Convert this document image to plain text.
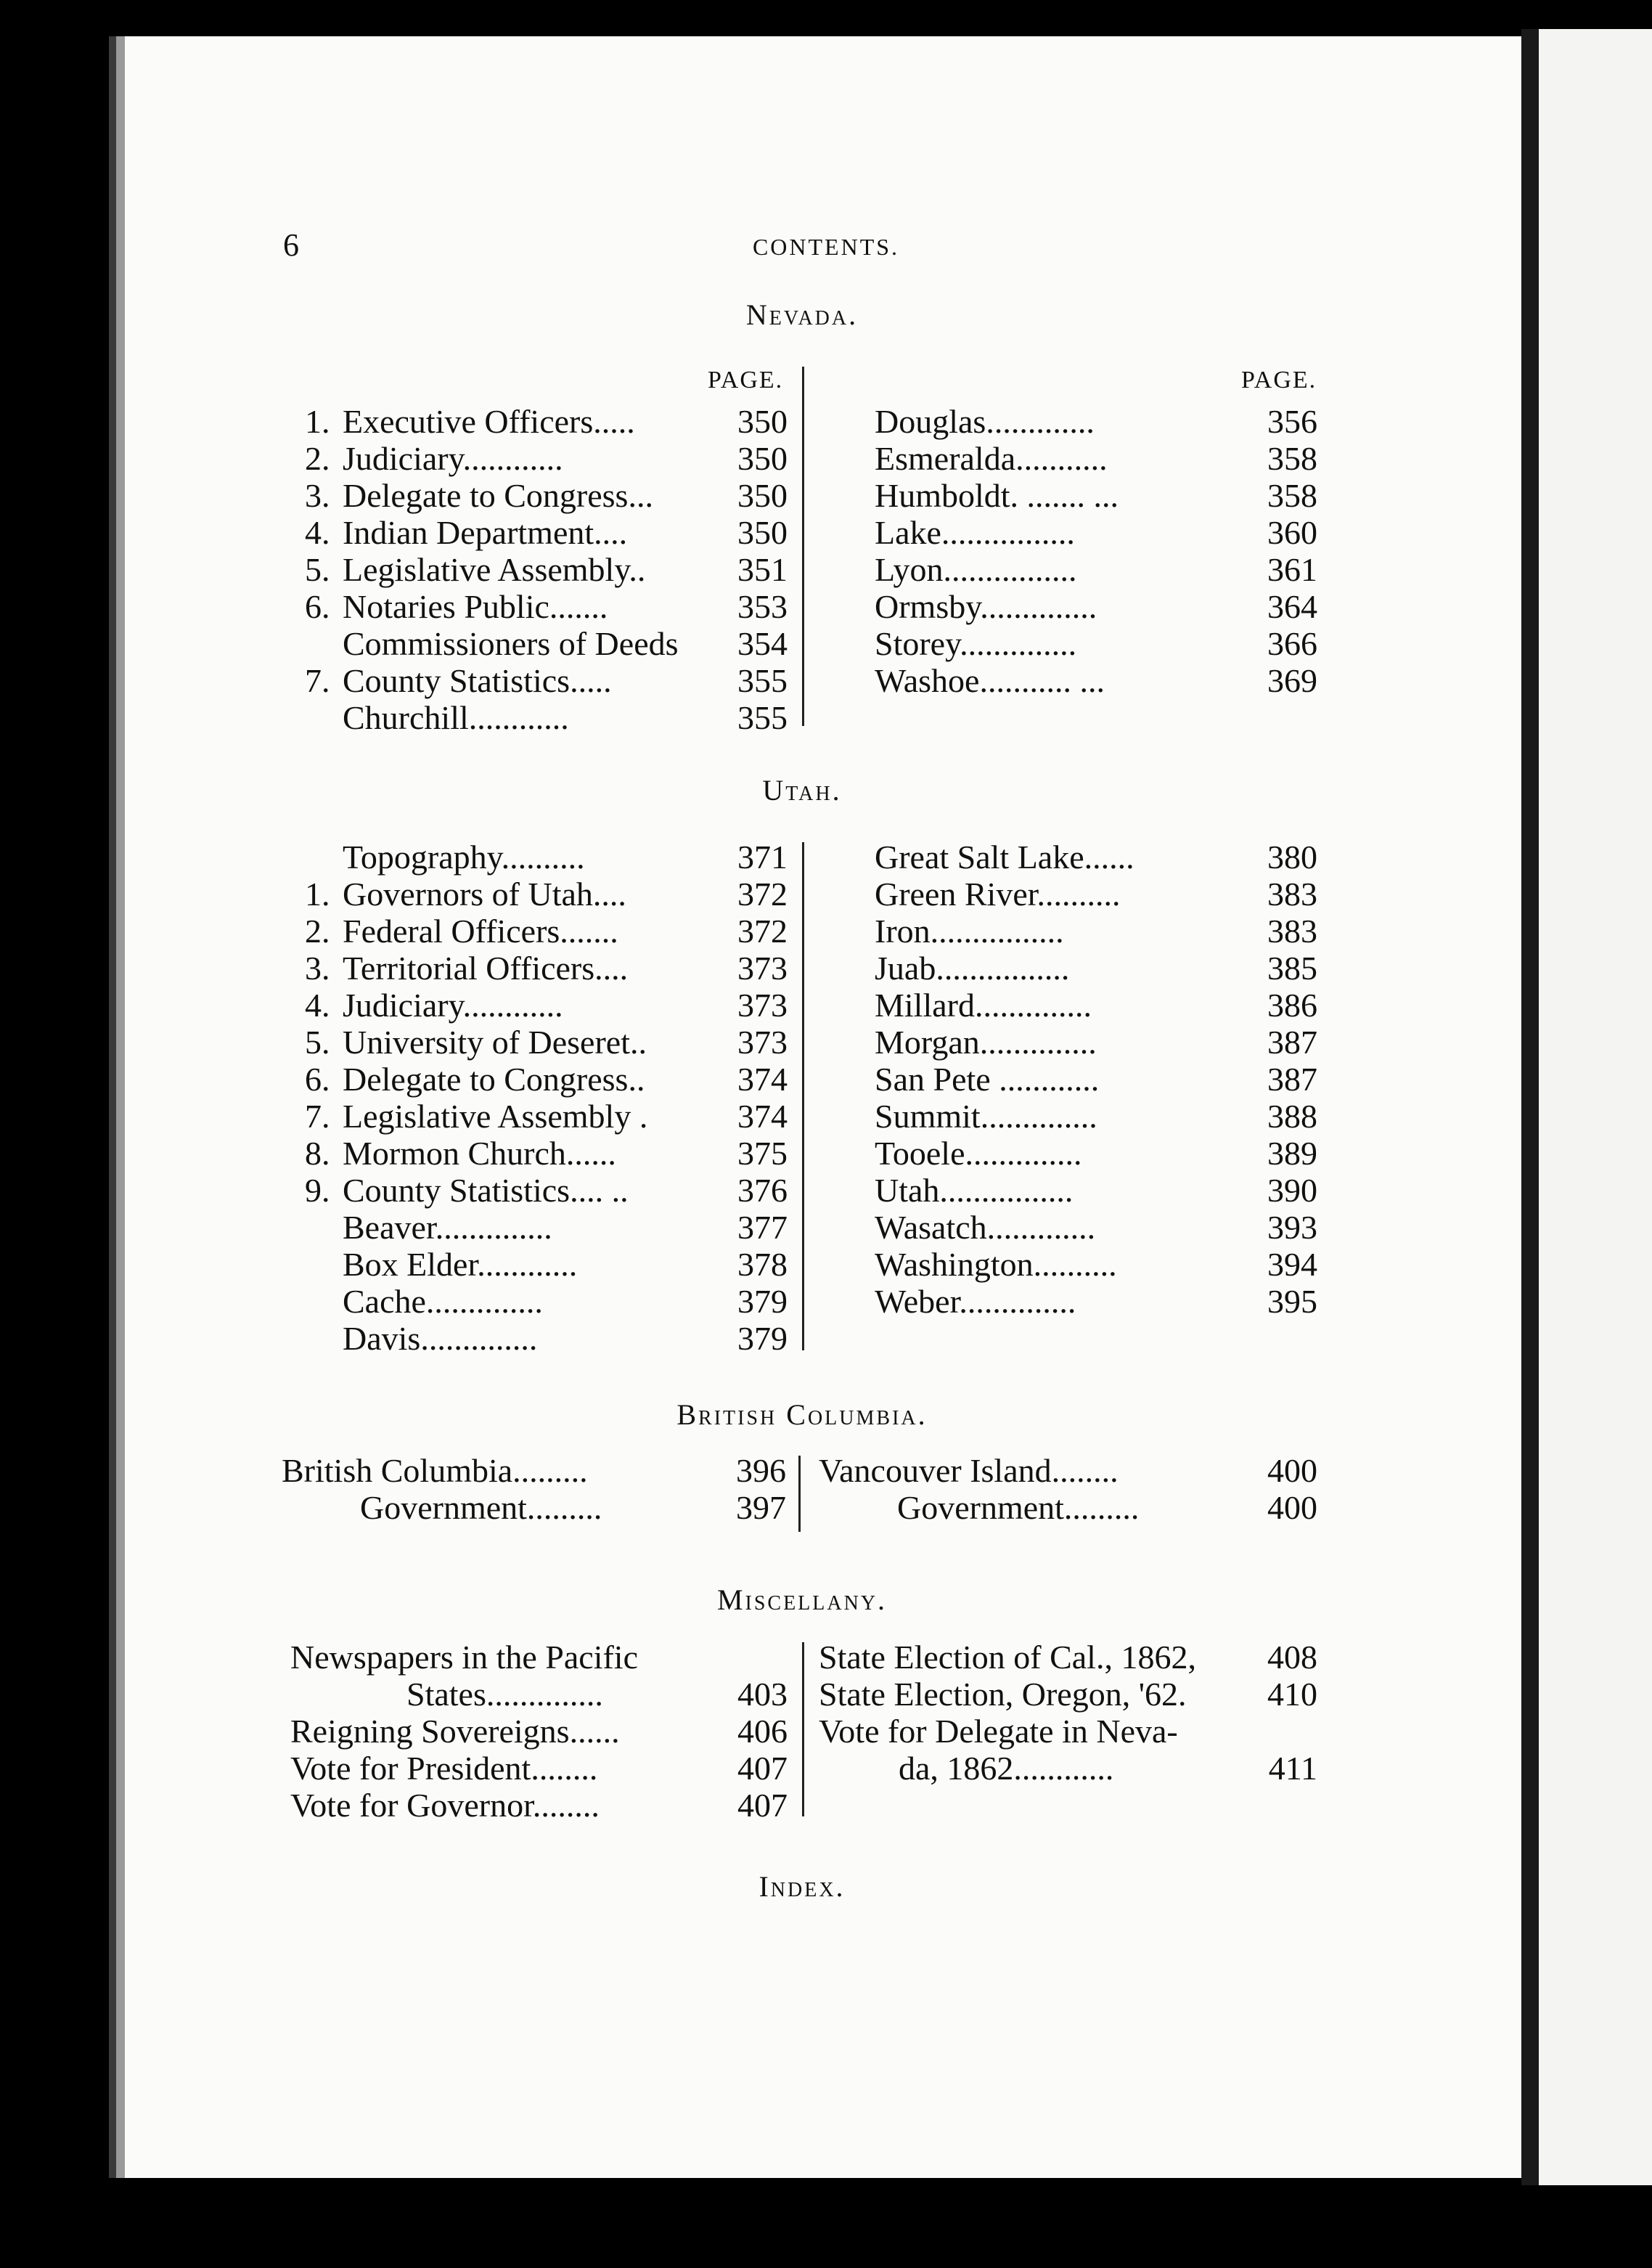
6	CONTENTS.
Nevada.
PAGE.	PAGE.
1. Executive Officers.....	350
2. Judiciary............	350
3. Delegate to Congress...	350
4. Indian Department....	350
5. Legislative Assembly..	351
6. Notaries Public.......	353
Commissioners of Deeds 354
7. County Statistics.....	355
Churchill............	355
Douglas.............	356
Esmeralda...........	358
Humboldt. ....... ...	358
Lake................	360
Lyon................	361
Ormsby..............	364
Storey..............	366
Washoe........... ...	369
Utah.
Topography..........	371
1. Governors of Utah....	372
2. Federal Officers.......	372
3. Territorial Officers....	373
4. Judiciary............	373
5. University of Deseret..	373
6. Delegate to Congress..	374
7. Legislative Assembly .	374
8. Mormon Church......	375
9. County Statistics.... ..	376
Beaver..............	377
Box Elder............	378
Cache..............	379
Davis..............	379
Great Salt Lake......	380
Green River..........	383
Iron................	383
Juab................	385
Millard..............	386
Morgan..............	387
San Pete ............	387
Summit..............	388
Tooele..............	389
Utah................	390
Wasatch.............	393
Washington..........	394
Weber..............	395
British Columbia.
British Columbia.........	396
Government.........	397
Vancouver Island........	400
Government.........	400
Miscellany.
Newspapers in the Pacific
States..............	403
Reigning Sovereigns......	406
Vote for President........	407
Vote for Governor........	407
State Election of Cal., 1862, 408
State Election, Oregon, '62. 410
Vote for Delegate in Neva-
da, 1862............	411
Index.
